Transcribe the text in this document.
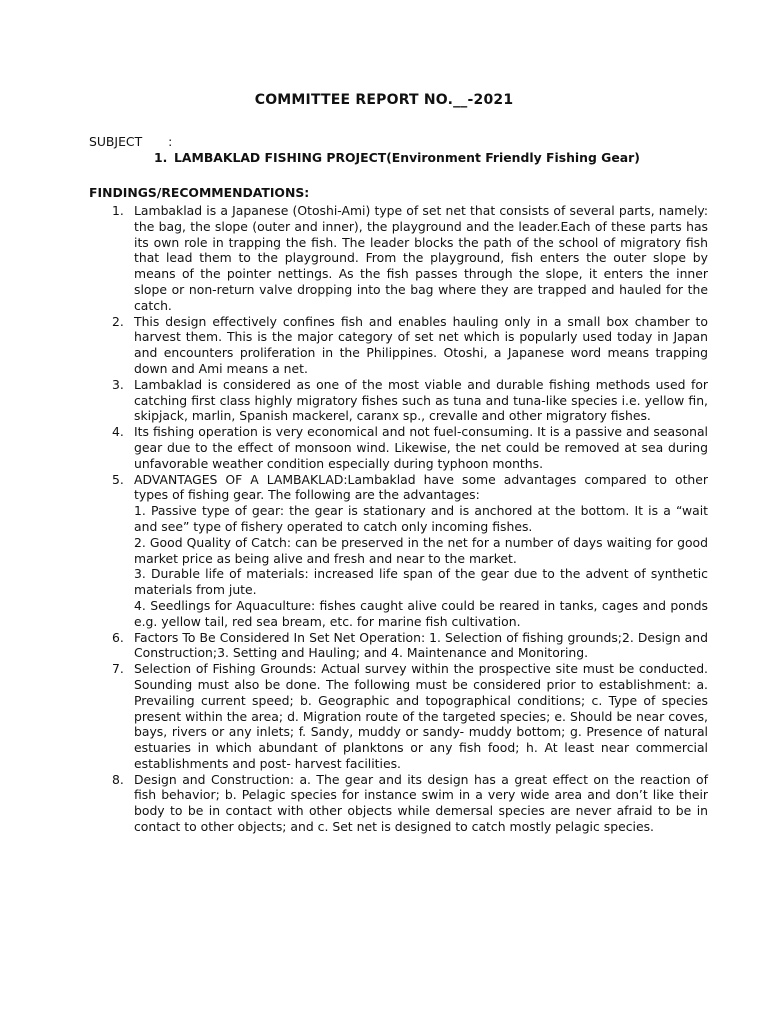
COMMITTEE REPORT NO.__-2021
SUBJECT :
1. LAMBAKLAD FISHING PROJECT(Environment Friendly Fishing Gear)
FINDINGS/RECOMMENDATIONS:
1. Lambaklad is a Japanese (Otoshi-Ami) type of set net that consists of several parts, namely: the bag, the slope (outer and inner), the playground and the leader.Each of these parts has its own role in trapping the fish. The leader blocks the path of the school of migratory fish that lead them to the playground. From the playground, fish enters the outer slope by means of the pointer nettings. As the fish passes through the slope, it enters the inner slope or non-return valve dropping into the bag where they are trapped and hauled for the catch.
2. This design effectively confines fish and enables hauling only in a small box chamber to harvest them. This is the major category of set net which is popularly used today in Japan and encounters proliferation in the Philippines. Otoshi, a Japanese word means trapping down and Ami means a net.
3. Lambaklad is considered as one of the most viable and durable fishing methods used for catching first class highly migratory fishes such as tuna and tuna-like species i.e. yellow fin, skipjack, marlin, Spanish mackerel, caranx sp., crevalle and other migratory fishes.
4. Its fishing operation is very economical and not fuel-consuming. It is a passive and seasonal gear due to the effect of monsoon wind. Likewise, the net could be removed at sea during unfavorable weather condition especially during typhoon months.
5. ADVANTAGES OF A LAMBAKLAD:Lambaklad have some advantages compared to other types of fishing gear. The following are the advantages:
1. Passive type of gear: the gear is stationary and is anchored at the bottom. It is a “wait and see” type of fishery operated to catch only incoming fishes.
2. Good Quality of Catch: can be preserved in the net for a number of days waiting for good market price as being alive and fresh and near to the market.
3. Durable life of materials: increased life span of the gear due to the advent of synthetic materials from jute.
4. Seedlings for Aquaculture: fishes caught alive could be reared in tanks, cages and ponds e.g. yellow tail, red sea bream, etc. for marine fish cultivation.
6. Factors To Be Considered In Set Net Operation: 1. Selection of fishing grounds;2. Design and Construction;3. Setting and Hauling; and 4. Maintenance and Monitoring.
7. Selection of Fishing Grounds: Actual survey within the prospective site must be conducted. Sounding must also be done. The following must be considered prior to establishment: a. Prevailing current speed; b. Geographic and topographical conditions; c. Type of species present within the area; d. Migration route of the targeted species; e. Should be near coves, bays, rivers or any inlets; f. Sandy, muddy or sandy- muddy bottom; g. Presence of natural estuaries in which abundant of planktons or any fish food; h. At least near commercial establishments and post- harvest facilities.
8. Design and Construction: a. The gear and its design has a great effect on the reaction of fish behavior; b. Pelagic species for instance swim in a very wide area and don’t like their body to be in contact with other objects while demersal species are never afraid to be in contact to other objects; and c. Set net is designed to catch mostly pelagic species.
